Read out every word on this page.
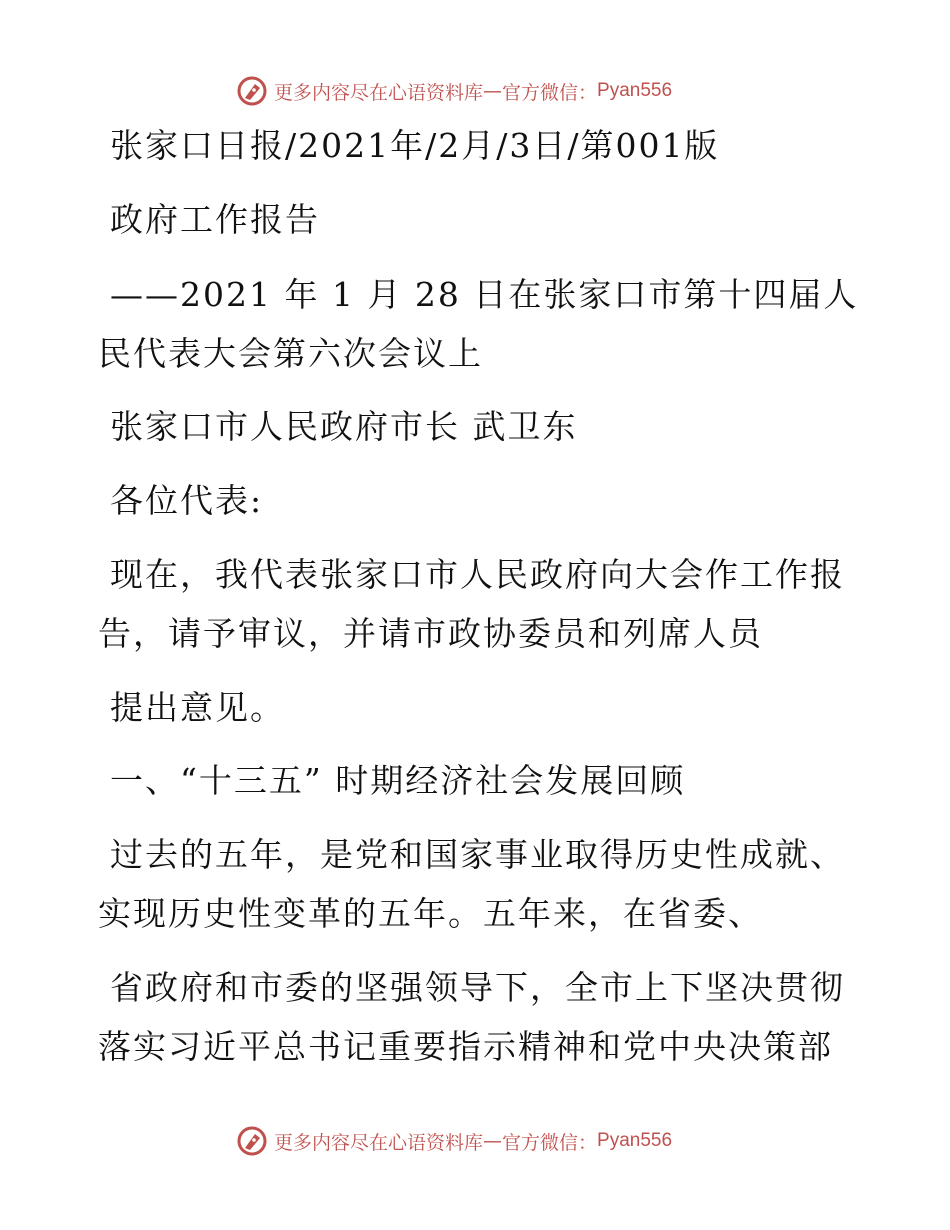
更多内容尽在心语资料库 — 官方微信： Pyan556
张家口日报/2021年/2月/3日/第001版
政府工作报告
——2021 年 1 月 28 日在张家口市第十四届人
民代表大会第六次会议上
张家口市人民政府市长 武卫东
各位代表:
现在，我代表张家口市人民政府向大会作工作报
告，请予审议，并请市政协委员和列席人员
提出意见。
一、“十三五” 时期经济社会发展回顾
过去的五年，是党和国家事业取得历史性成就、
实现历史性变革的五年。五年来，在省委、
省政府和市委的坚强领导下，全市上下坚决贯彻
落实习近平总书记重要指示精神和党中央决策部
更多内容尽在心语资料库 — 官方微信： Pyan556
